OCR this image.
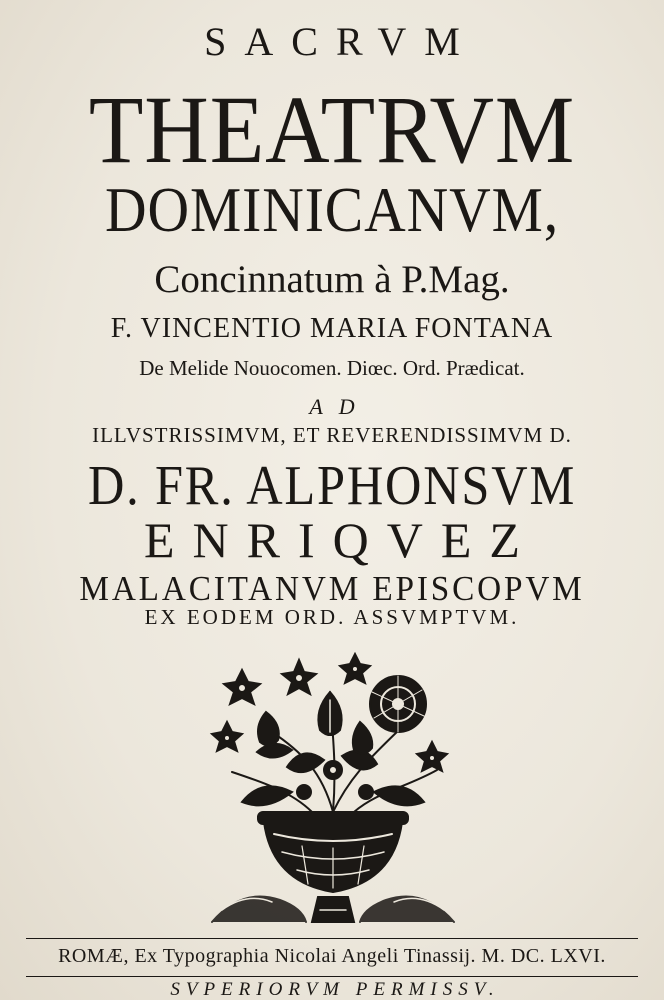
SACRVM
THEATRVM
DOMINICANVM,
Concinnatum à P.Mag.
F. VINCENTIO MARIA FONTANA
De Melide Nouocomen. Diœc. Ord. Prædicat.
AD
ILLVSTRISSIMVM, ET REVERENDISSIMVM D.
D. FR. ALPHONSVM
ENRIQVEZ
MALACITANVM EPISCOPVM
EX EODEM ORD. ASSVMPTVM.
ROMÆ, Ex Typographia Nicolai Angeli Tinassij. M. DC. LXVI.
SVPERIORVM PERMISSV.
